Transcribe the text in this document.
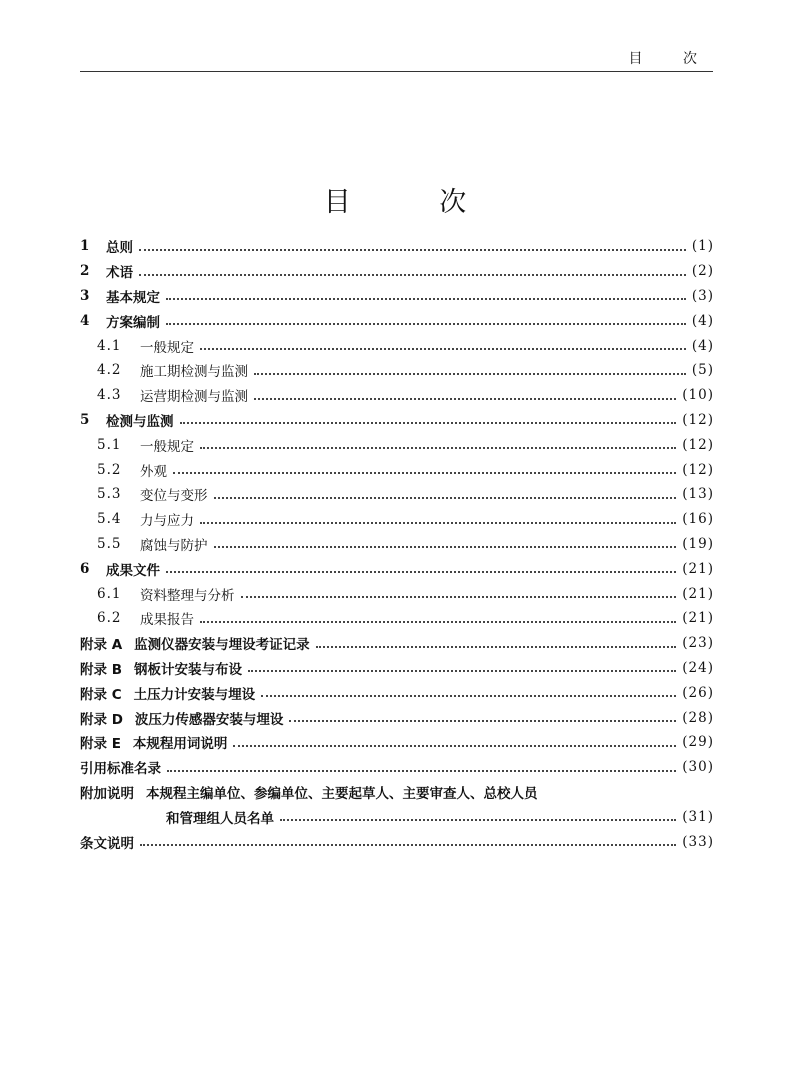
目 次
目 次
1	总则	(1)
2	术语	(2)
3	基本规定	(3)
4	方案编制	(4)
4.1	一般规定	(4)
4.2	施工期检测与监测	(5)
4.3	运营期检测与监测	(10)
5	检测与监测	(12)
5.1	一般规定	(12)
5.2	外观	(12)
5.3	变位与变形	(13)
5.4	力与应力	(16)
5.5	腐蚀与防护	(19)
6	成果文件	(21)
6.1	资料整理与分析	(21)
6.2	成果报告	(21)
附录 A 监测仪器安装与埋设考证记录	(23)
附录 B 钢板计安装与布设	(24)
附录 C 土压力计安装与埋设	(26)
附录 D 波压力传感器安装与埋设	(28)
附录 E 本规程用词说明	(29)
引用标准名录	(30)
附加说明 本规程主编单位、参编单位、主要起草人、主要审查人、总校人员
和管理组人员名单	(31)
条文说明	(33)
